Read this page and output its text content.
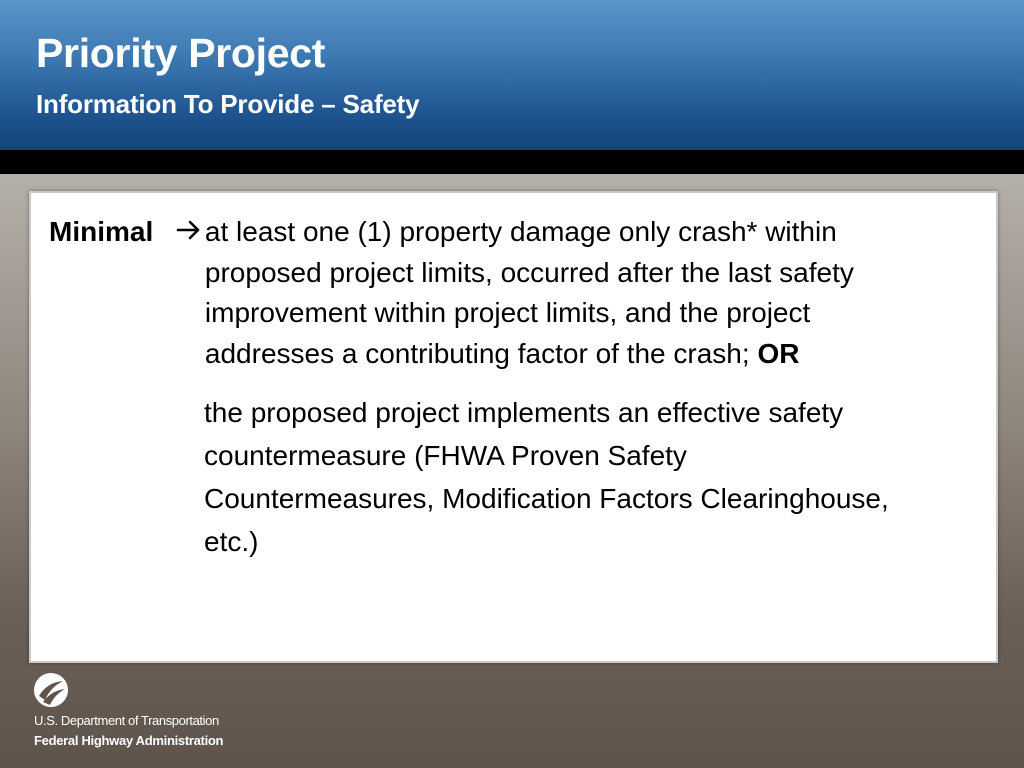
Priority Project
Information To Provide – Safety
Minimal at least one (1) property damage only crash* within
proposed project limits, occurred after the last safety
improvement within project limits, and the project
addresses a contributing factor of the crash; OR
the proposed project implements an effective safety
countermeasure (FHWA Proven Safety
Countermeasures, Modification Factors Clearinghouse,
etc.)
U.S. Department of Transportation
Federal Highway Administration
